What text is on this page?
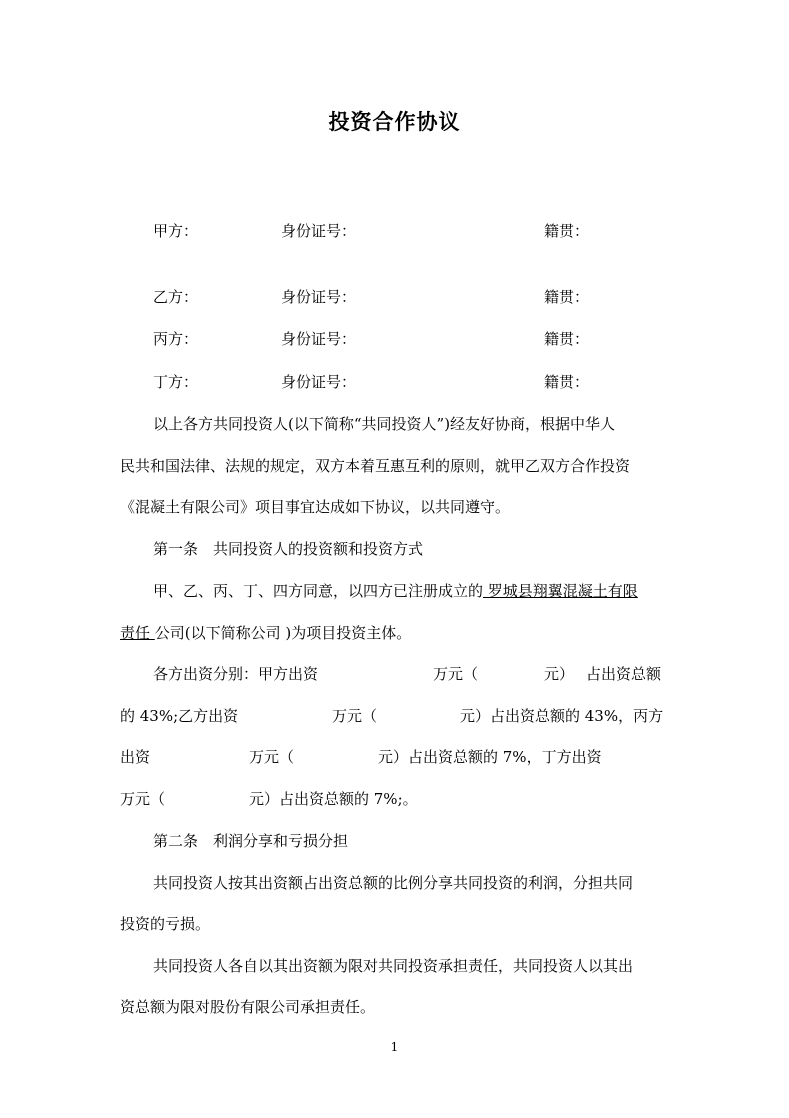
投资合作协议
甲方：	身份证号：	籍贯：
乙方：	身份证号：	籍贯：
丙方：	身份证号：	籍贯：
丁方：	身份证号：	籍贯：
以上各方共同投资人(以下简称“共同投资人”)经友好协商，根据中华人
民共和国法律、法规的规定，双方本着互惠互利的原则，就甲乙双方合作投资
《混凝土有限公司》项目事宜达成如下协议，以共同遵守。
第一条　共同投资人的投资额和投资方式
甲、乙、丙、丁、四方同意，以四方已注册成立的 罗城县翔翼混凝土有限
责任 公司(以下简称公司 )为项目投资主体。
各方出资分别：甲方出资	万元（	元） 占出资总额
的 43%;乙方出资	万元（	元）占出资总额的 43%，丙方
出资	万元（	元）占出资总额的 7%，丁方出资
万元（	元）占出资总额的 7%;。
第二条　利润分享和亏损分担
共同投资人按其出资额占出资总额的比例分享共同投资的利润，分担共同
投资的亏损。
共同投资人各自以其出资额为限对共同投资承担责任，共同投资人以其出
资总额为限对股份有限公司承担责任。
1
